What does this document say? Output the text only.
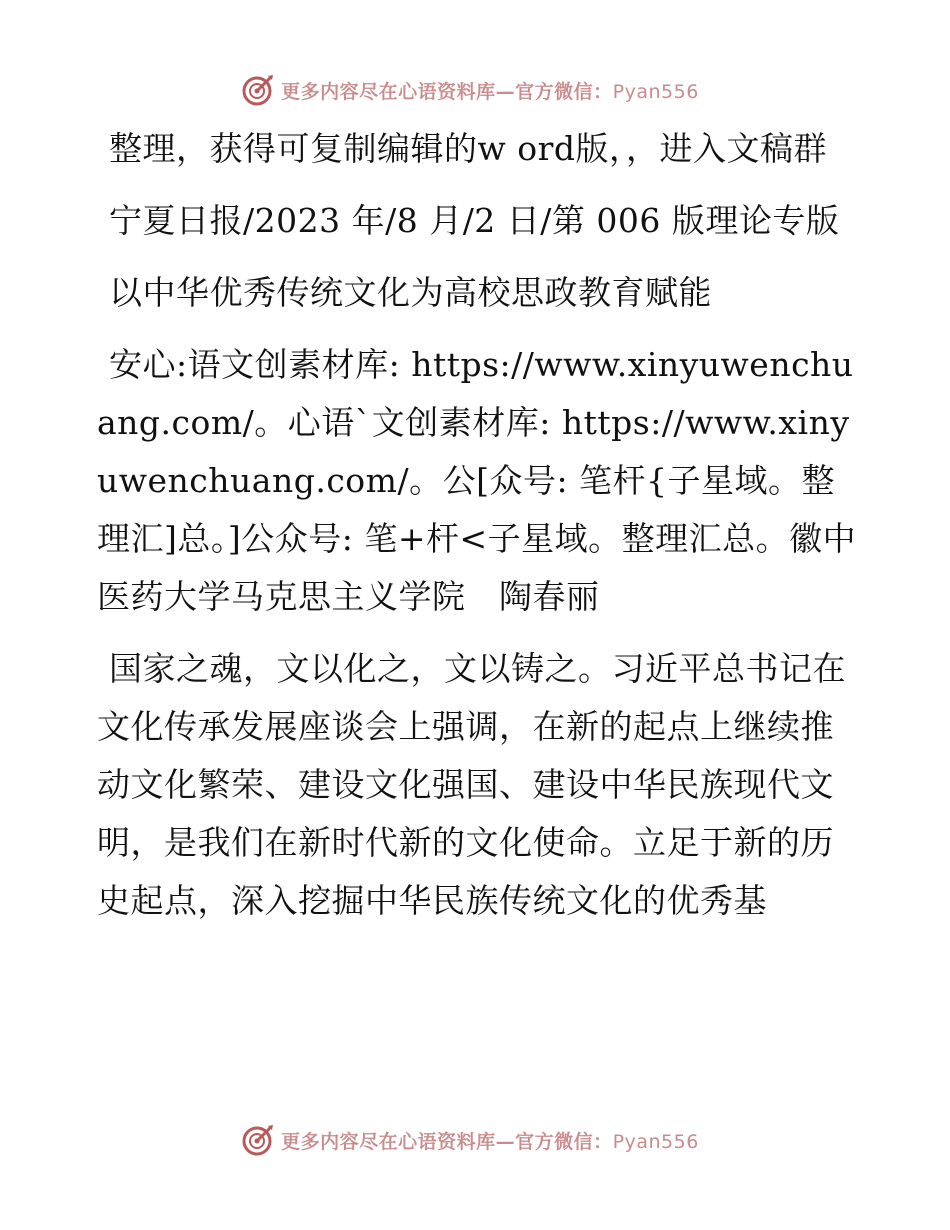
更多内容尽在心语资料库—官方微信：Pyan556

整理，获得可复制编辑的w ord版，，进入文稿群

宁夏日报/2023 年/8 月/2 日/第 006 版理论专版

以中华优秀传统文化为高校思政教育赋能

安心:语文创素材库: https://www.xinyuwenchuang.com/。心语`文创素材库: https://www.xinyuwenchuang.com/。公[众号: 笔杆{子星域。整理汇]总。]公众号: 笔+杆<子星域。整理汇总。徽中医药大学马克思主义学院　陶春丽

国家之魂，文以化之，文以铸之。习近平总书记在文化传承发展座谈会上强调，在新的起点上继续推动文化繁荣、建设文化强国、建设中华民族现代文明，是我们在新时代新的文化使命。立足于新的历史起点，深入挖掘中华民族传统文化的优秀基

更多内容尽在心语资料库—官方微信：Pyan556
